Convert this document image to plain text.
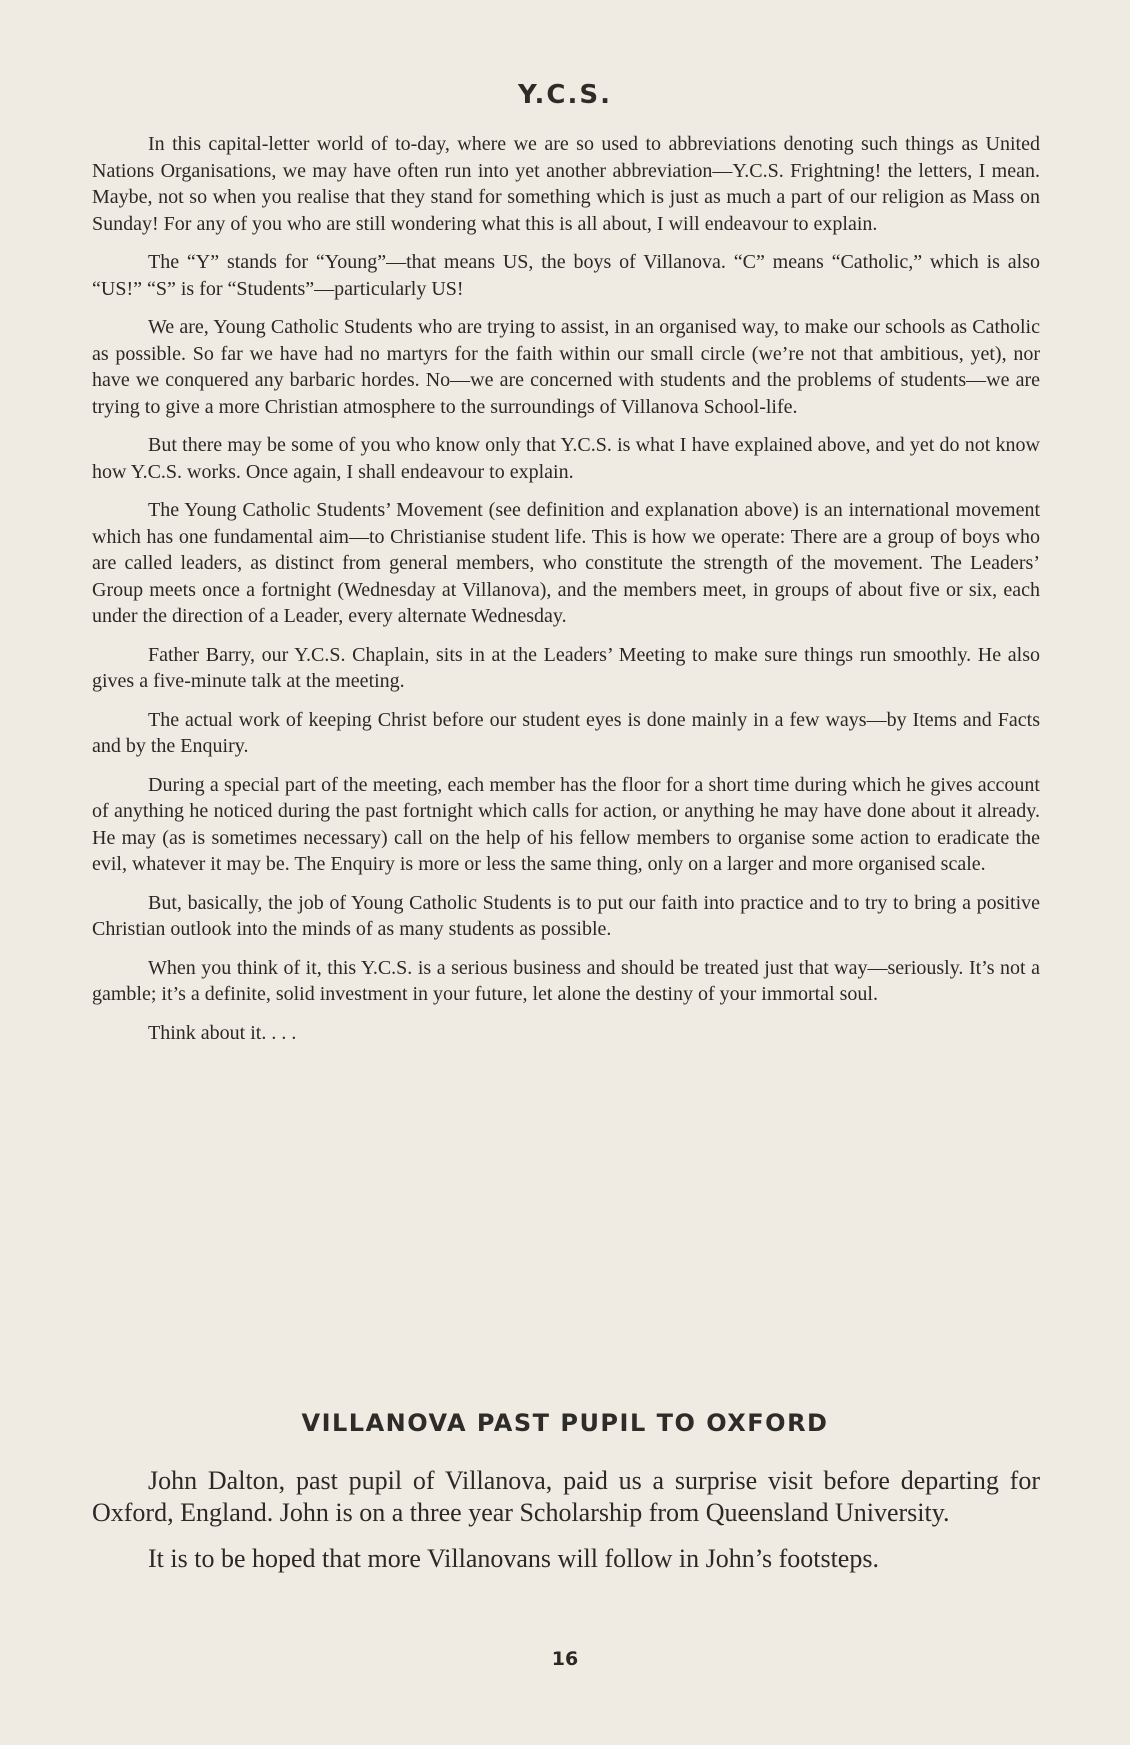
Y.C.S.

In this capital-letter world of to-day, where we are so used to abbreviations denoting such things as United Nations Organisations, we may have often run into yet another abbreviation—Y.C.S. Frightning! the letters, I mean. Maybe, not so when you realise that they stand for something which is just as much a part of our religion as Mass on Sunday! For any of you who are still wondering what this is all about, I will endeavour to explain.

The “Y” stands for “Young”—that means US, the boys of Villanova. “C” means “Catholic,” which is also “US!” “S” is for “Students”—particularly US!

We are, Young Catholic Students who are trying to assist, in an organised way, to make our schools as Catholic as possible. So far we have had no martyrs for the faith within our small circle (we’re not that ambitious, yet), nor have we conquered any barbaric hordes. No—we are concerned with students and the problems of students—we are trying to give a more Christian atmosphere to the surroundings of Villanova School-life.

But there may be some of you who know only that Y.C.S. is what I have explained above, and yet do not know how Y.C.S. works. Once again, I shall endeavour to explain.

The Young Catholic Students’ Movement (see definition and explanation above) is an international movement which has one fundamental aim—to Christianise student life. This is how we operate: There are a group of boys who are called leaders, as distinct from general members, who constitute the strength of the movement. The Leaders’ Group meets once a fortnight (Wednesday at Villanova), and the members meet, in groups of about five or six, each under the direction of a Leader, every alternate Wednesday.

Father Barry, our Y.C.S. Chaplain, sits in at the Leaders’ Meeting to make sure things run smoothly. He also gives a five-minute talk at the meeting.

The actual work of keeping Christ before our student eyes is done mainly in a few ways—by Items and Facts and by the Enquiry.

During a special part of the meeting, each member has the floor for a short time during which he gives account of anything he noticed during the past fortnight which calls for action, or anything he may have done about it already. He may (as is sometimes necessary) call on the help of his fellow members to organise some action to eradicate the evil, whatever it may be. The Enquiry is more or less the same thing, only on a larger and more organised scale.

But, basically, the job of Young Catholic Students is to put our faith into practice and to try to bring a positive Christian outlook into the minds of as many students as possible.

When you think of it, this Y.C.S. is a serious business and should be treated just that way—seriously. It’s not a gamble; it’s a definite, solid investment in your future, let alone the destiny of your immortal soul.

Think about it. . . .

VILLANOVA PAST PUPIL TO OXFORD

John Dalton, past pupil of Villanova, paid us a surprise visit before departing for Oxford, England. John is on a three year Scholarship from Queensland University.

It is to be hoped that more Villanovans will follow in John’s footsteps.

16
